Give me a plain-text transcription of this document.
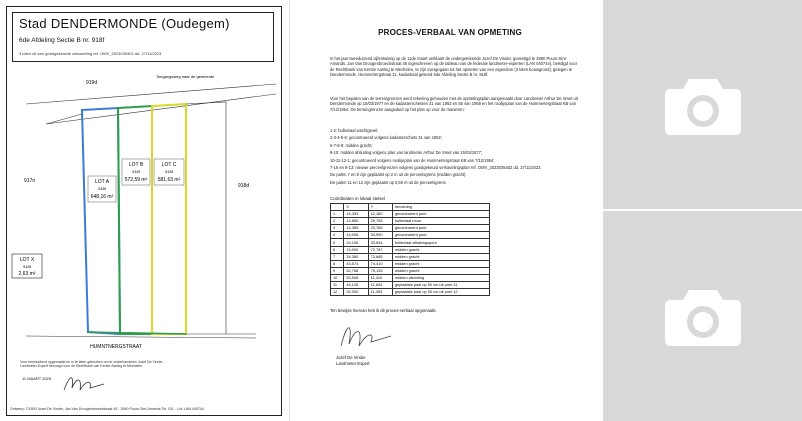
Stad DENDERMONDE (Oudegem)
6de Afdeling Sectie B nr. 918f
3 loten uit een goedgekeurde verkaveling ref. OMV_2023035402 dd. 27/11/2023
Toegangsweg naar de gemeente
919d
917n
918d
LOT A
918f
648,16 m²
LOT B
918f
572,59 m²
LOT C
918f
581,63 m²
LOT X
918f
2,63 m²
HUMNTNERGSTRAAT
Voor eensluidend opgemaakt en in te laten gebruiken om te onderhandelen Jozef De Vinder, Landmeter-Expert bevoegd voor de Rechtbank van Eerste Aanleg te Mechelen.
11 MAART 2025
Ontwerp: 7/1800 Jozef De Vinder, Jan Van Droogenbroeckstraat 45 - 2890 Puurs-Sint-Amands Tel. 03/... Lid: LAN 040744
PROCES-VERBAAL VAN OPMETING
In het jaar tweeduizend vijfentwintig op de 11de maart verklaart de ondergetekende Jozef De Vinder, gevestigd te 2890 Puurs-Sint-Amands, Jan Van Droogenbroeckstraat 45 ingeschreven op de tableau van de federale landmeter-experten (LAN 040744), beëdigd voor de Rechtbank van Eerste Aanleg te Mechelen, te zijn overgegaan tot het opmeten van een eigendom (3 loten bouwgrond), gelegen te Dendermonde, Hummertergstraat 11, kadastraal gekend 6de Afdeling Sectie B nr. 918f.
Voor het bepalen van de terreingrenzen werd rekening gehouden met de opmetingsplan aangemaakt door Landmeter Arthur De Smet uit Dendermonde op 15/03/1977 en de kadasterschetsen 31 van 1952 en 55 van 1959 en het rooilijnplan van de Hummertergstraat KB van 7/12/1954. De terreingrenzen aangeduid op het plan op voor de manieren:

1-2: bulleniaal wachtgevel;

2-3-4-5-6: gecontrueerd volgens kadasterschets 31 van 1952;

6-7-8-9: midden gracht;

9-10: midden afsluiting volgens plan van landmeter Arthur De Smet van 15/03/1977;

10-11-12-1: gecontrueerd volgens rooilijnplan van de Hummertergstraat KB van 7/12/1954;

7-16 en 8-13: nieuwe perceelgrenzen volgens goedgekeurd verkavelingsplan ref. OMV_2023035402 dd. 27/11/2023.

De palen 7 en 8 zijn geplaatst op 2 m uit de perceelsgrens (midden gracht).

De palen 11 en 12 zijn geplaatst op 0,50 m uit de perceelsgrens.

Coördinaten in lokaal stelsel
	X	Y	benaming
1	15,353	12,180	gecontrueerd punt
2	14,850	25,755	bulleniaal muur
3	14,365	25,766	gecontrueerd punt
4	14,008	30,590	gecontrueerd punt
5	24,196	33,544	bulleniaal afbakingspunt
6	19,000	72,787	midden gracht
7	34,380	73,685	midden gracht
8	43,574	74,410	midden gracht
9	52,768	75,135	midden gracht
10	53,508	11,410	midden afsluiting
11	44,126	11,834	geplaatste paal op 50 cm uit punt 11
12	34,900	11,453	geplaatste paal op 50 cm uit punt 12
Ten bewijze hiervan heb ik dit proces-verbaal opgemaakt.
Jozef De Vinder
Landmeter-Expert
